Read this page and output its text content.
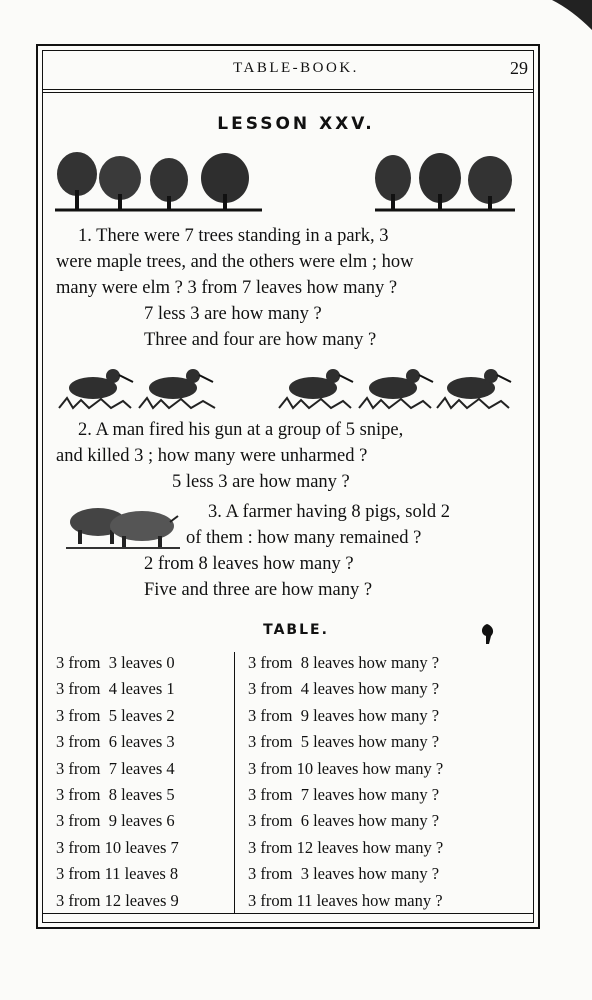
TABLE-BOOK.	29
LESSON XXV.
1. There were 7 trees standing in a park, 3
were maple trees, and the others were elm ; how
many were elm ? 3 from 7 leaves how many ?
7 less 3 are how many ?
Three and four are how many ?
2. A man fired his gun at a group of 5 snipe,
and killed 3 ; how many were unharmed ?
5 less 3 are how many ?
3. A farmer having 8 pigs, sold 2
of them : how many remained ?
2 from 8 leaves how many ?
Five and three are how many ?
TABLE.
3 from  3 leaves 0
3 from  4 leaves 1
3 from  5 leaves 2
3 from  6 leaves 3
3 from  7 leaves 4
3 from  8 leaves 5
3 from  9 leaves 6
3 from 10 leaves 7
3 from 11 leaves 8
3 from 12 leaves 9
3 from  8 leaves how many ?
3 from  4 leaves how many ?
3 from  9 leaves how many ?
3 from  5 leaves how many ?
3 from 10 leaves how many ?
3 from  7 leaves how many ?
3 from  6 leaves how many ?
3 from 12 leaves how many ?
3 from  3 leaves how many ?
3 from 11 leaves how many ?
